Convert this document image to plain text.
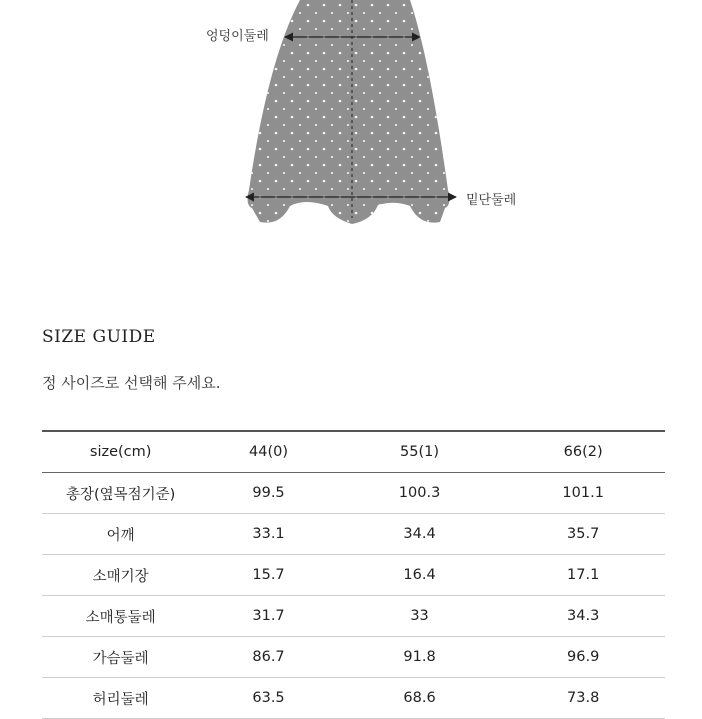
엉덩이둘레
밑단둘레
SIZE GUIDE
정 사이즈로 선택해 주세요.
size(cm)	44(0)	55(1)	66(2)
총장(옆목점기준)	99.5	100.3	101.1
어깨	33.1	34.4	35.7
소매기장	15.7	16.4	17.1
소매통둘레	31.7	33	34.3
가슴둘레	86.7	91.8	96.9
허리둘레	63.5	68.6	73.8
